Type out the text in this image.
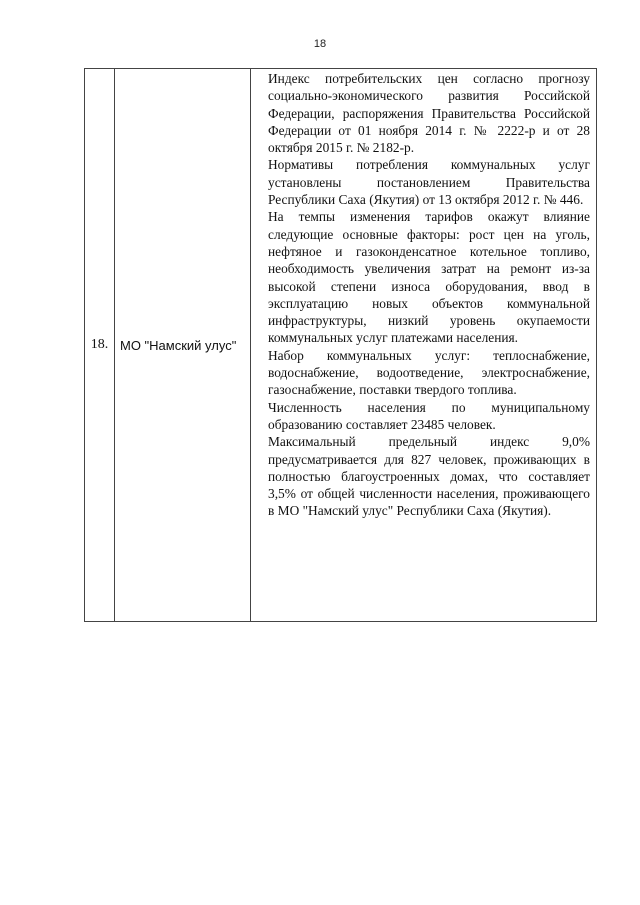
18
18.	МО "Намский улус"	

Индекс потребительских цен согласно прогнозу социально-экономического развития Российской Федерации, распоряжения Правительства Российской Федерации от 01 ноября 2014 г. № 2222-р и от 28 октября 2015 г. № 2182-р.

Нормативы потребления коммунальных услуг установлены постановлением Правительства Республики Саха (Якутия) от 13 октября 2012 г. № 446.

На темпы изменения тарифов окажут влияние следующие основные факторы: рост цен на уголь, нефтяное и газоконденсатное котельное топливо, необходимость увеличения затрат на ремонт из-за высокой степени износа оборудования, ввод в эксплуатацию новых объектов коммунальной инфраструктуры, низкий уровень окупаемости коммунальных услуг платежами населения.

Набор коммунальных услуг: теплоснабжение, водоснабжение, водоотведение, электроснабжение, газоснабжение, поставки твердого топлива.

Численность населения по муниципальному образованию составляет 23485 человек.

Максимальный предельный индекс 9,0% предусматривается для 827 человек, проживающих в полностью благоустроенных домах, что составляет 3,5% от общей численности населения, проживающего в МО "Намский улус" Республики Саха (Якутия).
